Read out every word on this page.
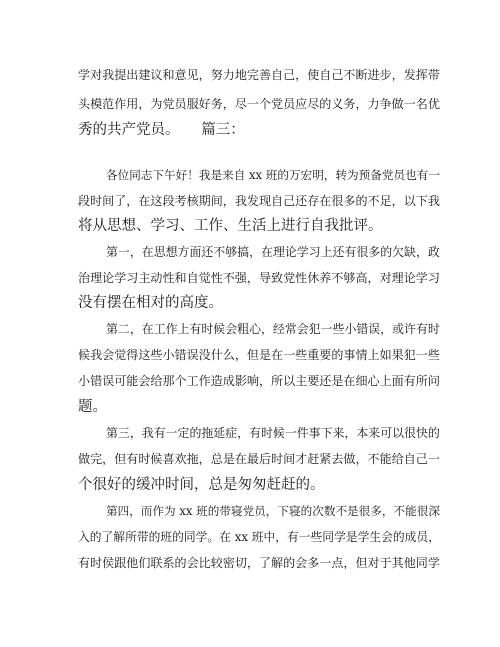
学对我提出建议和意见，努力地完善自己，使自己不断进步，发挥带
头模范作用，为党员服好务，尽一个党员应尽的义务，力争做一名优
秀的共产党员。　　篇三：
各位同志下午好！我是来自 xx 班的万宏明，转为预备党员也有一
段时间了，在这段考核期间，我发现自己还存在很多的不足，以下我
将从思想、学习、工作、生活上进行自我批评。
第一，在思想方面还不够搞，在理论学习上还有很多的欠缺，政
治理论学习主动性和自觉性不强，导致党性休养不够高，对理论学习
没有摆在相对的高度。
第二，在工作上有时候会粗心，经常会犯一些小错误，或许有时
候我会觉得这些小错误没什么，但是在一些重要的事情上如果犯一些
小错误可能会给那个工作造成影响，所以主要还是在细心上面有所问
题。
第三，我有一定的拖延症，有时候一件事下来，本来可以很快的
做完，但有时候喜欢拖，总是在最后时间才赶紧去做，不能给自己一
个很好的缓冲时间，总是匆匆赶赶的。
第四，而作为 xx 班的带寝党员，下寝的次数不是很多，不能很深
入的了解所带的班的同学。在 xx 班中，有一些同学是学生会的成员，
有时侯跟他们联系的会比较密切，了解的会多一点，但对于其他同学
